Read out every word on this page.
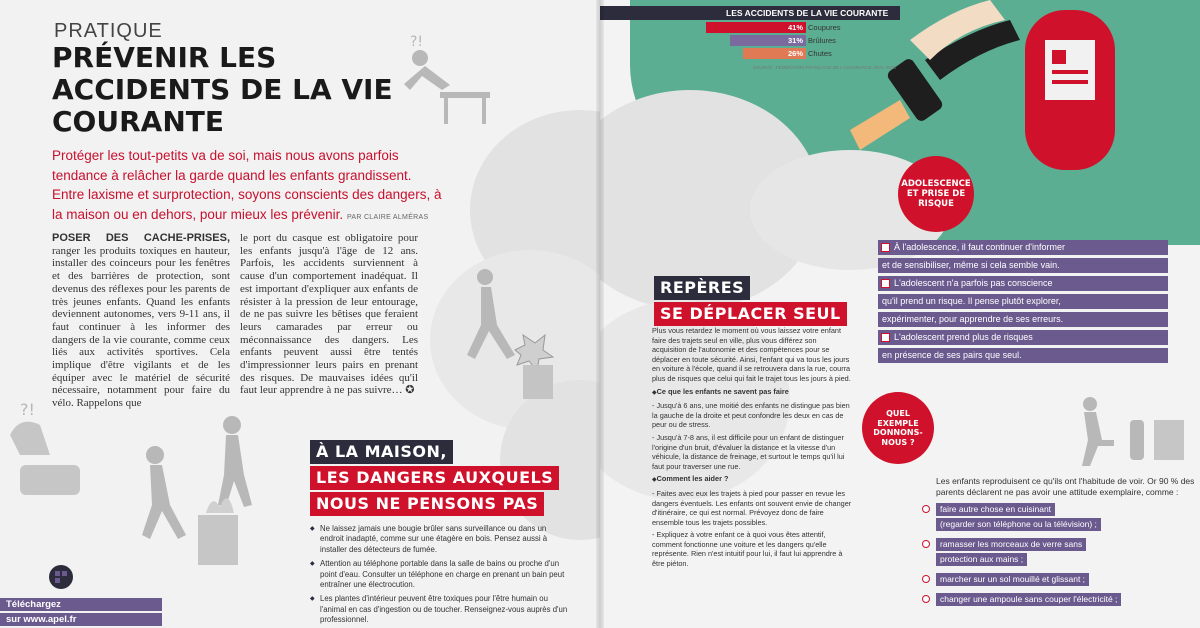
?!
?!
PRATIQUE
PRÉVENIR LES
ACCIDENTS DE LA VIE
COURANTE
Protéger les tout-petits va de soi, mais nous avons parfois tendance à relâcher la garde quand les enfants grandissent. Entre laxisme et surprotection, soyons conscients des dangers, à la maison ou en dehors, pour mieux les prévenir. PAR CLAIRE ALMÉRAS
POSER DES CACHE-PRISES, ranger les produits toxiques en hauteur, installer des coinceurs pour les fenêtres et des barrières de protection, sont devenus des réflexes pour les parents de très jeunes enfants. Quand les enfants deviennent autonomes, vers 9-11 ans, il faut continuer à les informer des dangers de la vie courante, comme ceux liés aux activités sportives. Cela implique d'être vigilants et de les équiper avec le matériel de sécurité nécessaire, notamment pour faire du vélo. Rappelons que
le port du casque est obligatoire pour les enfants jusqu'à l'âge de 12 ans. Parfois, les accidents surviennent à cause d'un comportement inadéquat. Il est important d'expliquer aux enfants de résister à la pression de leur entourage, de ne pas suivre les bêtises que feraient leurs camarades par erreur ou méconnaissance des dangers. Les enfants peuvent aussi être tentés d'impressionner leurs pairs en prenant des risques. De mauvaises idées qu'il faut leur apprendre à ne pas suivre… ✪
À LA MAISON,
LES DANGERS AUXQUELS
NOUS NE PENSONS PAS
◆ Ne laissez jamais une bougie brûler sans surveillance ou dans un endroit inadapté, comme sur une étagère en bois. Pensez aussi à installer des détecteurs de fumée.
◆ Attention au téléphone portable dans la salle de bains ou proche d'un point d'eau. Consulter un téléphone en charge en prenant un bain peut entraîner une électrocution.
◆ Les plantes d'intérieur peuvent être toxiques pour l'être humain ou l'animal en cas d'ingestion ou de toucher. Renseignez-vous auprès d'un professionnel.
Téléchargez
sur www.apel.fr
LES ACCIDENTS DE LA VIE COURANTE
41% Coupures
31% Brûlures
26% Chutes
SOURCE : FÉDÉRATION FRANÇAISE DE L'ASSURANCE, NOV. 2018
REPÈRES
SE DÉPLACER SEUL

Plus vous retardez le moment où vous laissez votre enfant faire des trajets seul en ville, plus vous différez son acquisition de l'autonomie et des compétences pour se déplacer en toute sécurité. Ainsi, l'enfant qui va tous les jours en voiture à l'école, quand il se retrouvera dans la rue, courra plus de risques que celui qui fait le trajet tous les jours à pied.

◆ Ce que les enfants ne savent pas faire

- Jusqu'à 6 ans, une moitié des enfants ne distingue pas bien la gauche de la droite et peut confondre les deux en cas de peur ou de stress.

- Jusqu'à 7-8 ans, il est difficile pour un enfant de distinguer l'origine d'un bruit, d'évaluer la distance et la vitesse d'un véhicule, la distance de freinage, et surtout le temps qu'il lui faut pour traverser une rue.

◆ Comment les aider ?

- Faites avec eux les trajets à pied pour passer en revue les dangers éventuels. Les enfants ont souvent envie de changer d'itinéraire, ce qui est normal. Prévoyez donc de faire ensemble tous les trajets possibles.

- Expliquez à votre enfant ce à quoi vous êtes attentif, comment fonctionne une voiture et les dangers qu'elle représente. Rien n'est intuitif pour lui, il faut lui apprendre à être piéton.

ADOLESCENCE ET PRISE DE RISQUE
À l'adolescence, il faut continuer d'informer
et de sensibiliser, même si cela semble vain.
L'adolescent n'a parfois pas conscience
qu'il prend un risque. Il pense plutôt explorer,
expérimenter, pour apprendre de ses erreurs.
L'adolescent prend plus de risques
en présence de ses pairs que seul.
QUEL EXEMPLE DONNONS-NOUS ?
Les enfants reproduisent ce qu'ils ont l'habitude de voir. Or 90 % des parents déclarent ne pas avoir une attitude exemplaire, comme :
faire autre chose en cuisinant
(regarder son téléphone ou la télévision) ;
ramasser les morceaux de verre sans
protection aux mains ;
marcher sur un sol mouillé et glissant ;
changer une ampoule sans couper l'électricité ;
